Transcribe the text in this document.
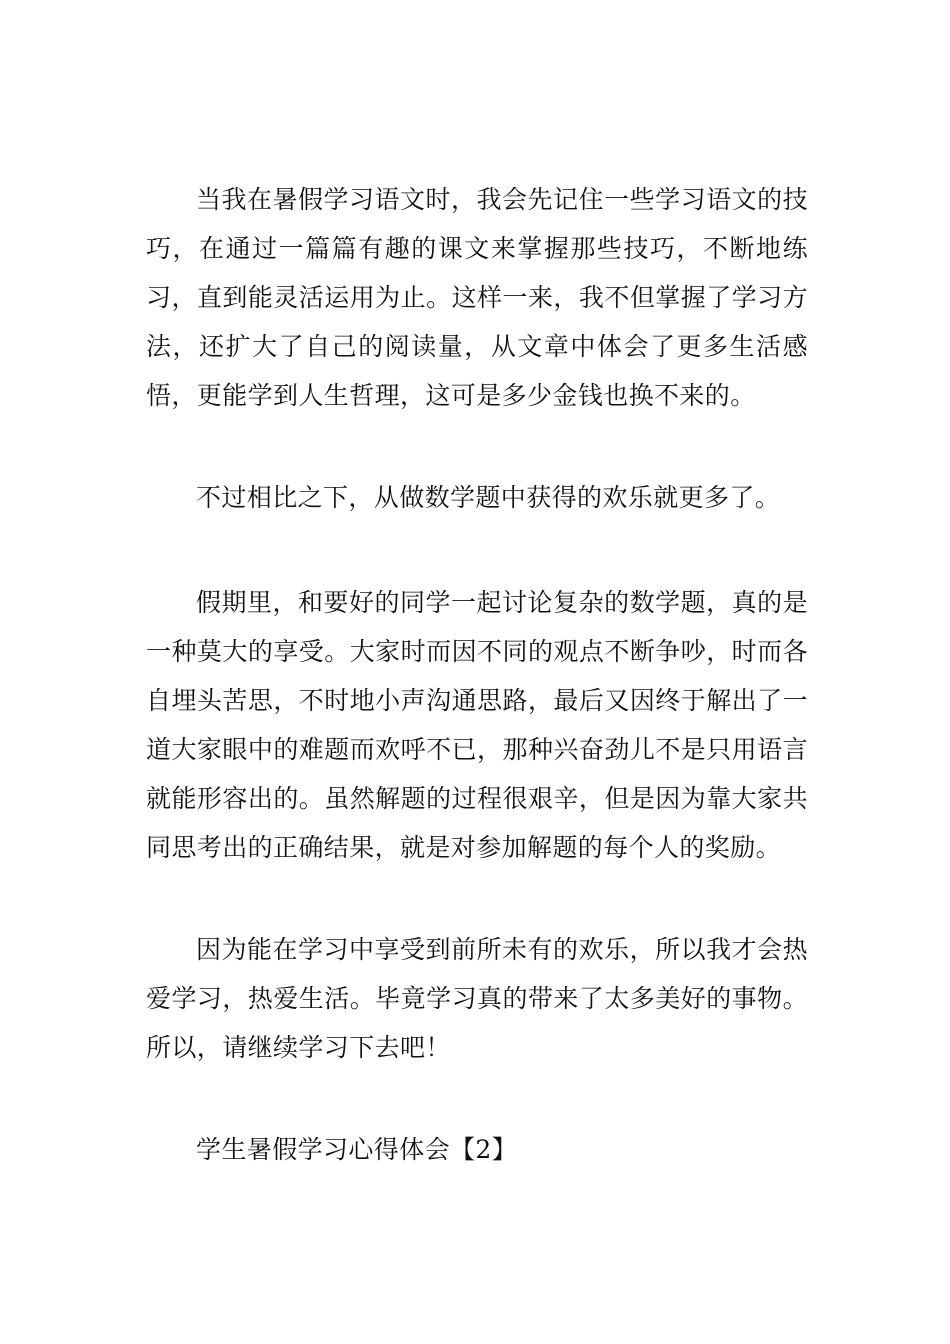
当我在暑假学习语文时，我会先记住一些学习语文的技巧，在通过一篇篇有趣的课文来掌握那些技巧，不断地练习，直到能灵活运用为止。这样一来，我不但掌握了学习方法，还扩大了自己的阅读量，从文章中体会了更多生活感悟，更能学到人生哲理，这可是多少金钱也换不来的。

不过相比之下，从做数学题中获得的欢乐就更多了。

假期里，和要好的同学一起讨论复杂的数学题，真的是一种莫大的享受。大家时而因不同的观点不断争吵，时而各自埋头苦思，不时地小声沟通思路，最后又因终于解出了一道大家眼中的难题而欢呼不已，那种兴奋劲儿不是只用语言就能形容出的。虽然解题的过程很艰辛，但是因为靠大家共同思考出的正确结果，就是对参加解题的每个人的奖励。

因为能在学习中享受到前所未有的欢乐，所以我才会热爱学习，热爱生活。毕竟学习真的带来了太多美好的事物。所以，请继续学习下去吧！

学生暑假学习心得体会【2】
